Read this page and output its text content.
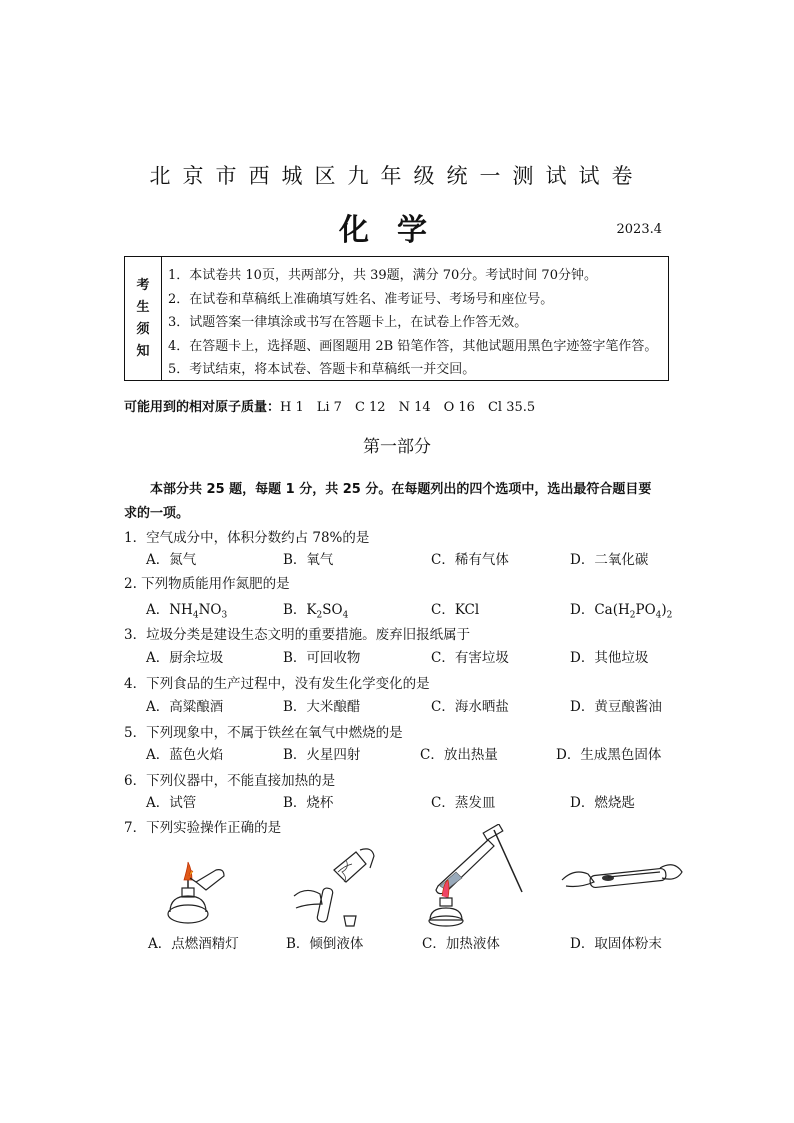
北京市西城区九年级统一测试试卷
化学	2023.4
考
生
须
知
1．本试卷共 10页，共两部分，共 39题，满分 70分。考试时间 70分钟。
2．在试卷和草稿纸上准确填写姓名、准考证号、考场号和座位号。
3．试题答案一律填涂或书写在答题卡上，在试卷上作答无效。
4．在答题卡上，选择题、画图题用 2B 铅笔作答，其他试题用黑色字迹签字笔作答。
5．考试结束，将本试卷、答题卡和草稿纸一并交回。
可能用到的相对原子质量：H 1　Li 7　C 12　N 14　O 16　Cl 35.5
第一部分
本部分共 25 题，每题 1 分，共 25 分。在每题列出的四个选项中，选出最符合题目要求的一项。
1．空气成分中，体积分数约占 78%的是
A．氮气	B．氧气	C．稀有气体	D．二氧化碳
2. 下列物质能用作氮肥的是
A．$NH_4NO_3$	B．$K_2SO_4$	C．KCl	D．$Ca(H_2PO_4)_2$
3．垃圾分类是建设生态文明的重要措施。废弃旧报纸属于
A．厨余垃圾	B．可回收物	C．有害垃圾	D．其他垃圾
4．下列食品的生产过程中，没有发生化学变化的是
A．高粱酿酒	B．大米酿醋	C．海水晒盐	D．黄豆酿酱油
5．下列现象中，不属于铁丝在氧气中燃烧的是
A．蓝色火焰	B．火星四射	C．放出热量	D．生成黑色固体
6．下列仪器中，不能直接加热的是
A．试管	B．烧杯	C．蒸发皿	D．燃烧匙
7．下列实验操作正确的是
A．点燃酒精灯	B．倾倒液体	C．加热液体	D．取固体粉末
